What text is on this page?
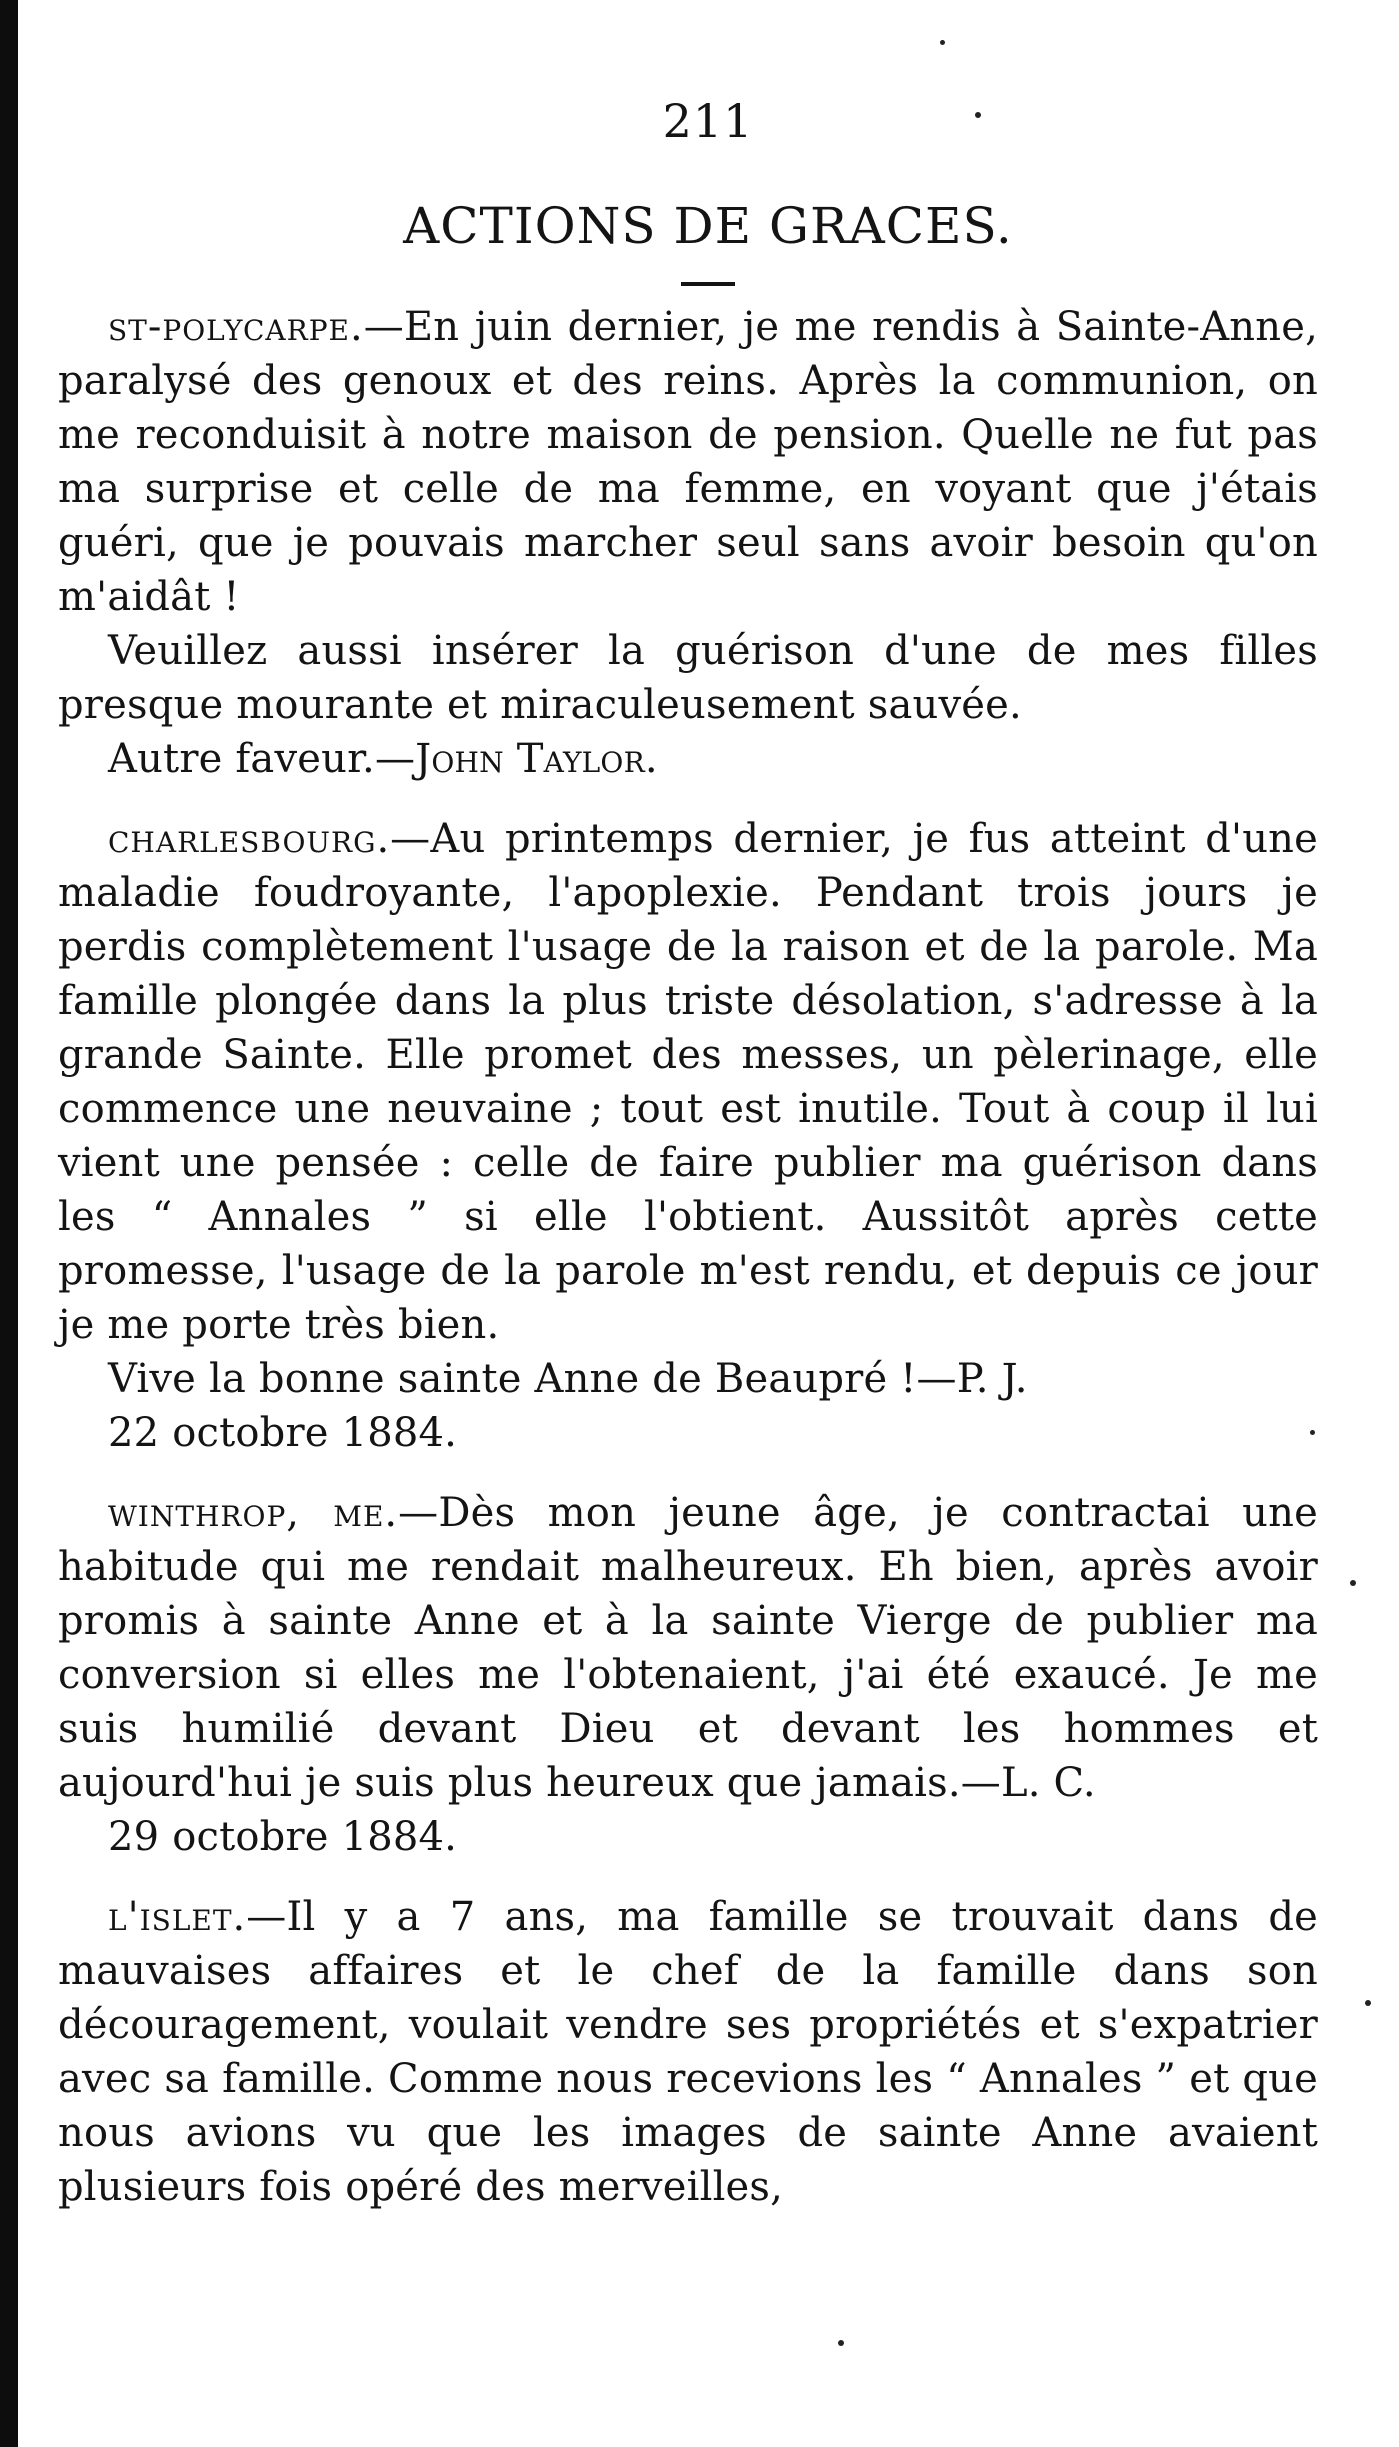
211
ACTIONS DE GRACES.

st-polycarpe.—En juin dernier, je me rendis à Sainte-Anne, paralysé des genoux et des reins. Après la communion, on me reconduisit à notre maison de pension. Quelle ne fut pas ma surprise et celle de ma femme, en voyant que j'étais guéri, que je pouvais marcher seul sans avoir besoin qu'on m'aidât !

Veuillez aussi insérer la guérison d'une de mes filles presque mourante et miraculeusement sauvée.

Autre faveur.—John Taylor.

charlesbourg.—Au printemps dernier, je fus atteint d'une maladie foudroyante, l'apoplexie. Pendant trois jours je perdis complètement l'usage de la raison et de la parole. Ma famille plongée dans la plus triste désolation, s'adresse à la grande Sainte. Elle promet des messes, un pèlerinage, elle commence une neuvaine ; tout est inutile. Tout à coup il lui vient une pensée : celle de faire publier ma guérison dans les “ Annales ” si elle l'obtient. Aussitôt après cette promesse, l'usage de la parole m'est rendu, et depuis ce jour je me porte très bien.

Vive la bonne sainte Anne de Beaupré !—P. J.
22 octobre 1884.

winthrop, me.—Dès mon jeune âge, je contractai une habitude qui me rendait malheureux. Eh bien, après avoir promis à sainte Anne et à la sainte Vierge de publier ma conversion si elles me l'obtenaient, j'ai été exaucé. Je me suis humilié devant Dieu et devant les hommes et aujourd'hui je suis plus heureux que jamais.—L. C.

29 octobre 1884.

l'islet.—Il y a 7 ans, ma famille se trouvait dans de mauvaises affaires et le chef de la famille dans son découragement, voulait vendre ses propriétés et s'expatrier avec sa famille. Comme nous recevions les “ Annales ” et que nous avions vu que les images de sainte Anne avaient plusieurs fois opéré des merveilles,
